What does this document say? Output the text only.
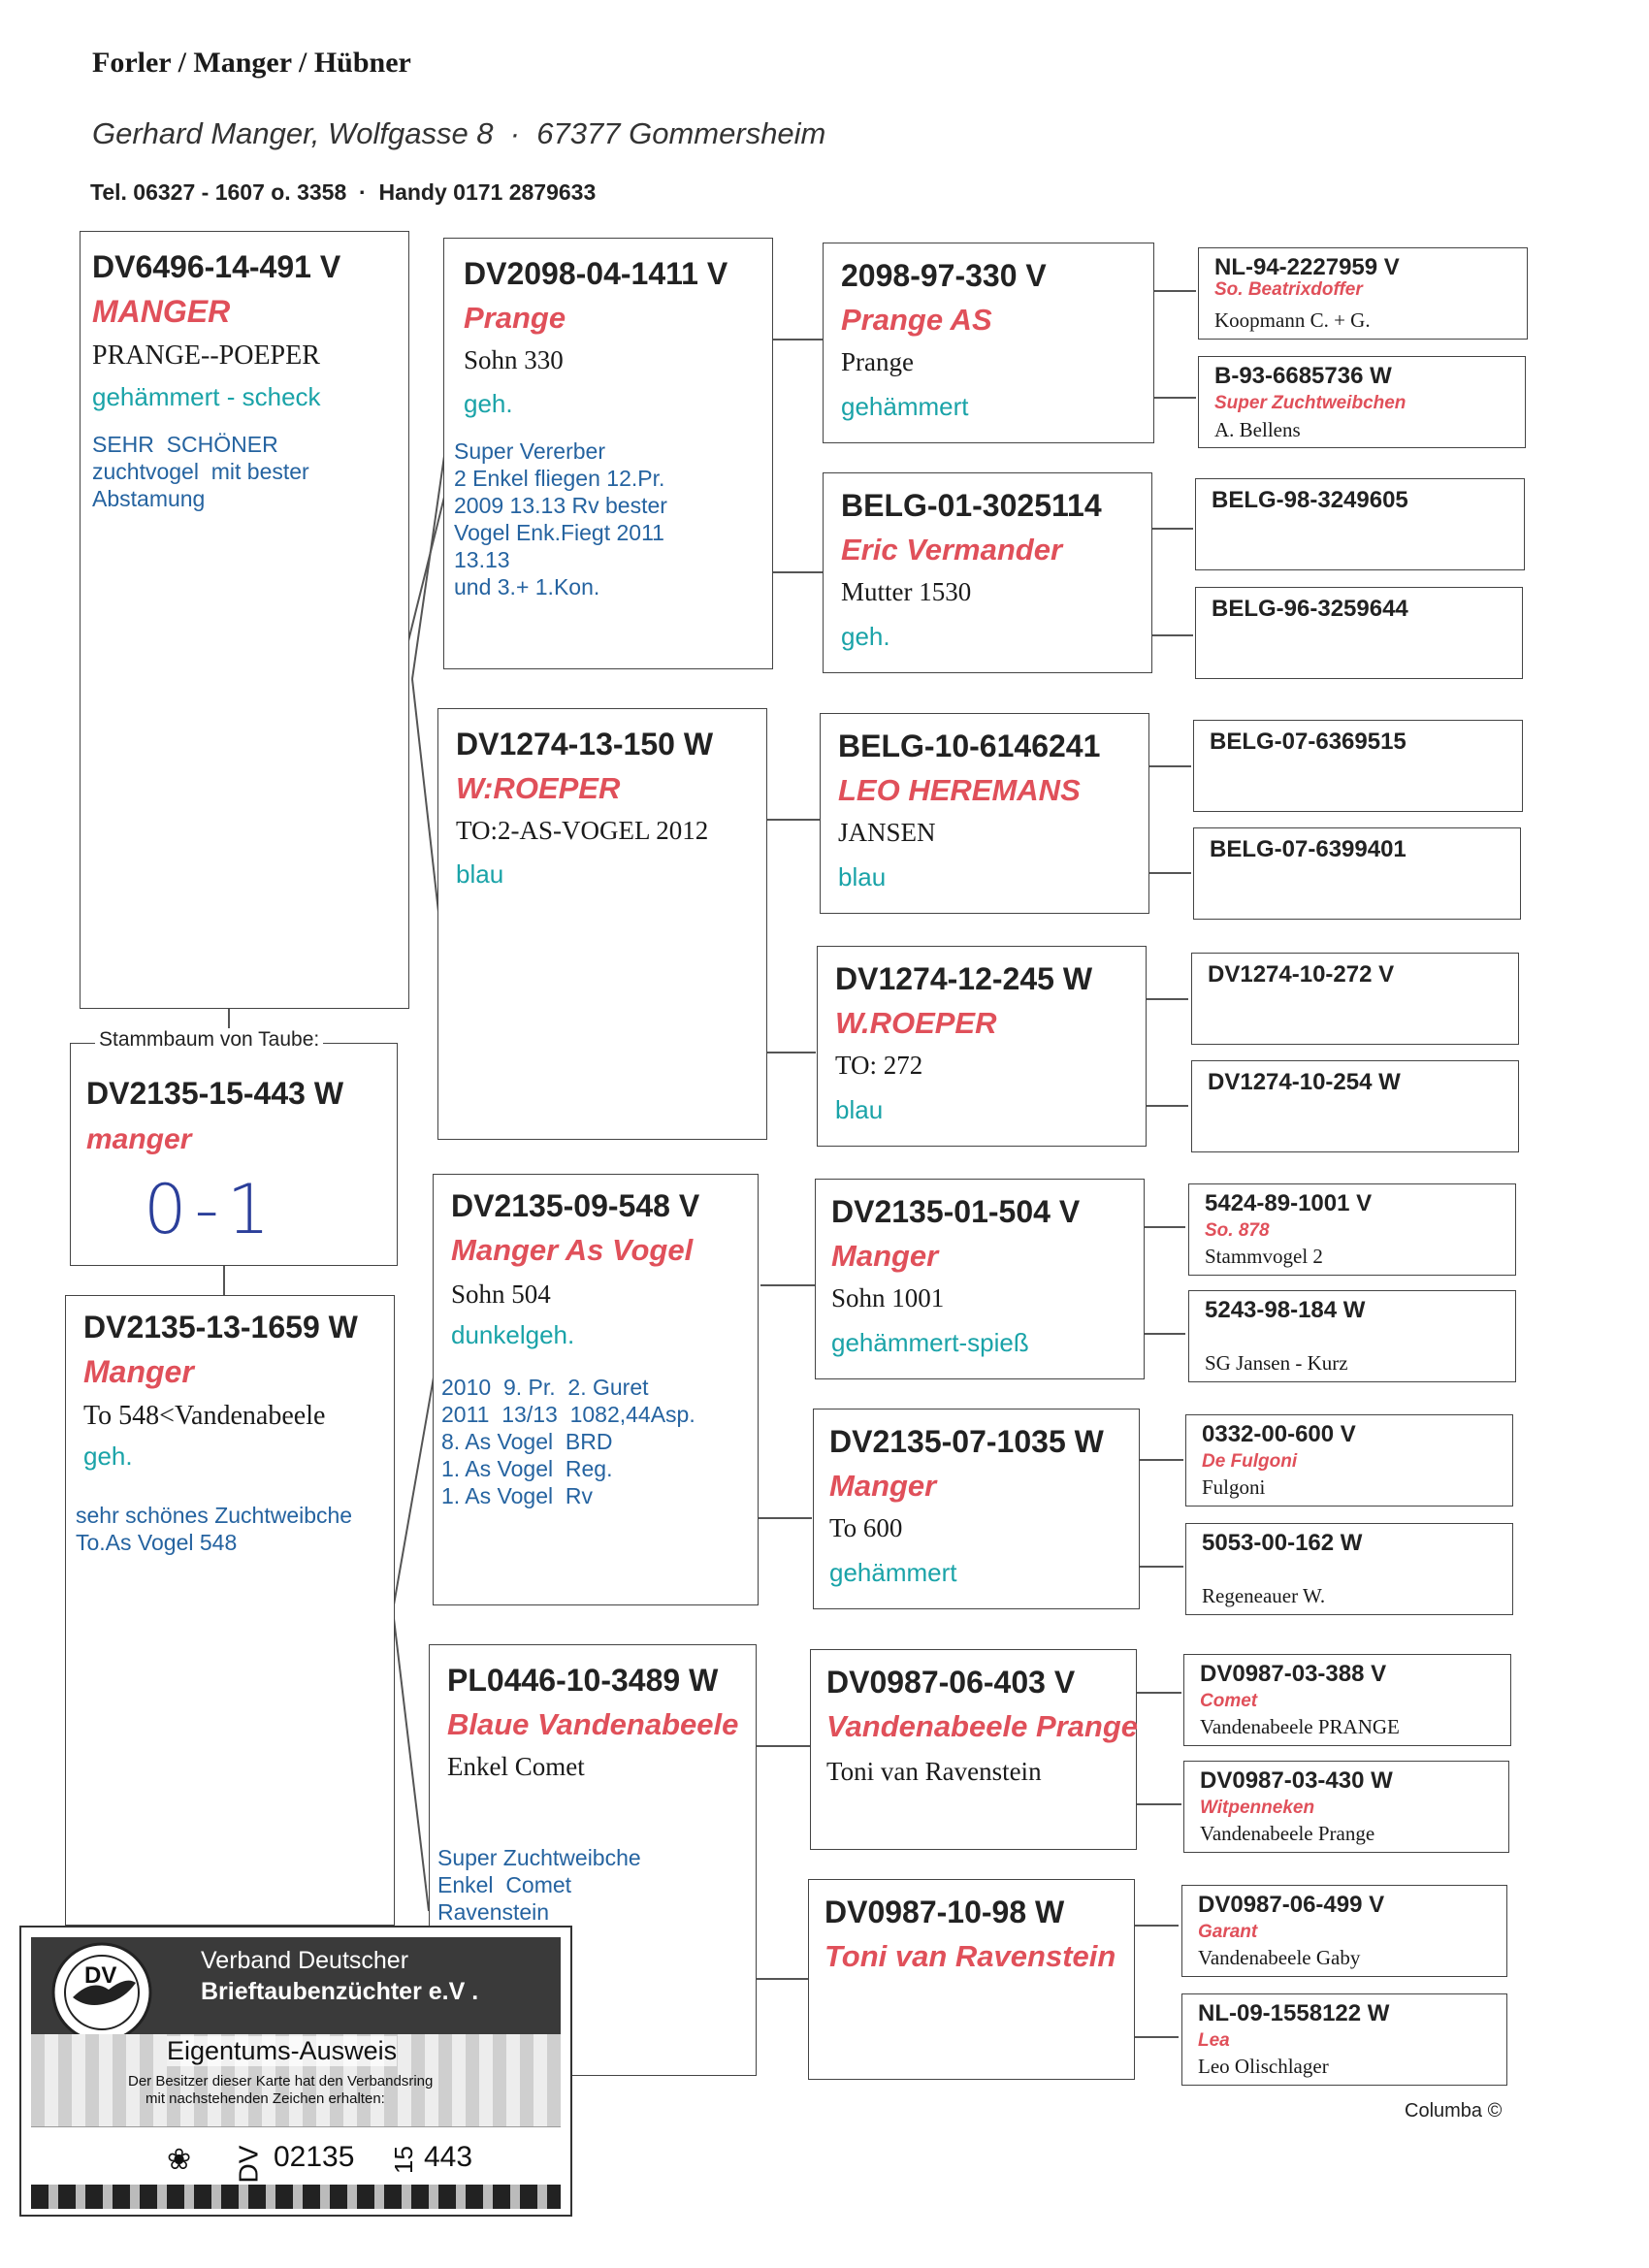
Forler / Manger / Hübner
Gerhard Manger, Wolfgasse 8  ·  67377 Gommersheim
Tel. 06327 - 1607 o. 3358  ·  Handy 0171 2879633
DV6496-14-491 V
MANGER
PRANGE--POEPER
gehämmert - scheck
SEHR  SCHÖNER
zuchtvogel  mit bester
Abstamung
Stammbaum von Taube:
DV2135-15-443 W
manger
0-1
DV2135-13-1659 W
Manger
To 548<Vandenabeele
geh.
sehr schönes Zuchtweibche
To.As Vogel 548
DV2098-04-1411 V
Prange
Sohn 330
geh.
Super Vererber
2 Enkel fliegen 12.Pr.
2009 13.13 Rv bester
Vogel Enk.Fiegt 2011
13.13
und 3.+ 1.Kon.
DV1274-13-150 W
W:ROEPER
TO:2-AS-VOGEL 2012
blau
DV2135-09-548 V
Manger As Vogel
Sohn 504
dunkelgeh.
2010  9. Pr.  2. Guret
2011  13/13  1082,44Asp.
8. As Vogel  BRD
1. As Vogel  Reg.
1. As Vogel  Rv
PL0446-10-3489 W
Blaue Vandenabeele
Enkel Comet
Super Zuchtweibche
Enkel  Comet
Ravenstein
2098-97-330 V
Prange AS
Prange
gehämmert
BELG-01-3025114
Eric Vermander
Mutter 1530
geh.
BELG-10-6146241
LEO HEREMANS
JANSEN
blau
DV1274-12-245 W
W.ROEPER
TO: 272
blau
DV2135-01-504 V
Manger
Sohn 1001
gehämmert-spieß
DV2135-07-1035 W
Manger
To 600
gehämmert
DV0987-06-403 V
Vandenabeele Prange
Toni van Ravenstein
DV0987-10-98 W
Toni van Ravenstein
NL-94-2227959 V
So. Beatrixdoffer
Koopmann C. + G.
B-93-6685736 W
Super Zuchtweibchen
A. Bellens
BELG-98-3249605
BELG-96-3259644
BELG-07-6369515
BELG-07-6399401
DV1274-10-272 V
DV1274-10-254 W
5424-89-1001 V
So. 878
Stammvogel 2
5243-98-184 W
SG Jansen - Kurz
0332-00-600 V
De Fulgoni
Fulgoni
5053-00-162 W
Regeneauer W.
DV0987-03-388 V
Comet
Vandenabeele PRANGE
DV0987-03-430 W
Witpenneken
Vandenabeele Prange
DV0987-06-499 V
Garant
Vandenabeele Gaby
NL-09-1558122 W
Lea
Leo Olischlager
DV
Verband Deutscher
Brieftaubenzüchter e.V .
Eigentums-Ausweis
Der Besitzer dieser Karte hat den Verbandsring
mit nachstehenden Zeichen erhalten:
❀ DV 02135 15 443
Columba ©
